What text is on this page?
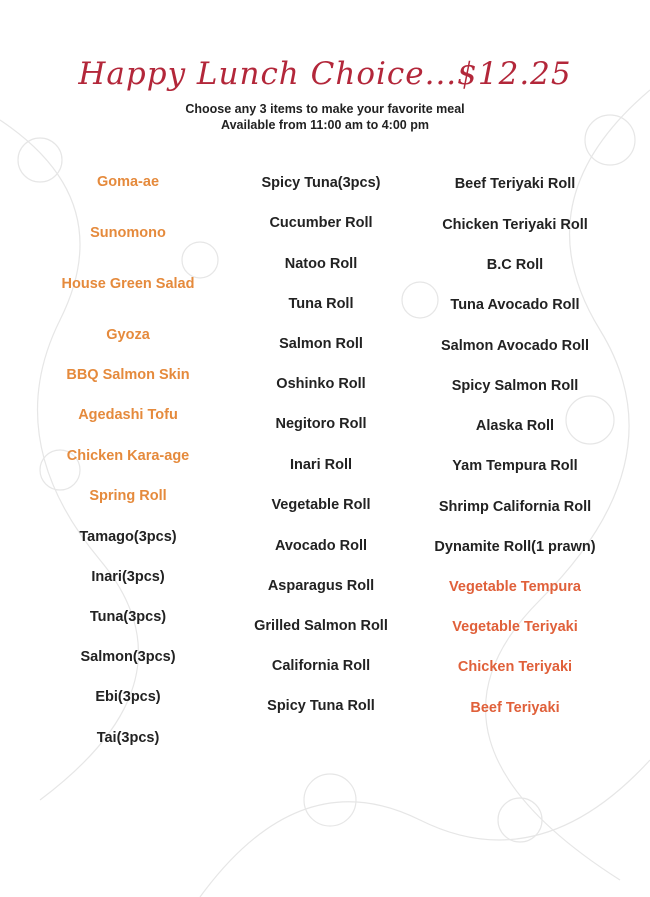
Happy Lunch Choice...$12.25
Choose any 3 items to make your favorite meal
Available from 11:00 am to 4:00 pm
Goma-ae
Sunomono
House Green Salad
Gyoza
BBQ Salmon Skin
Agedashi Tofu
Chicken Kara-age
Spring Roll
Tamago(3pcs)
Inari(3pcs)
Tuna(3pcs)
Salmon(3pcs)
Ebi(3pcs)
Tai(3pcs)
Spicy Tuna(3pcs)
Cucumber Roll
Natoo Roll
Tuna Roll
Salmon Roll
Oshinko Roll
Negitoro Roll
Inari Roll
Vegetable Roll
Avocado Roll
Asparagus Roll
Grilled Salmon Roll
California Roll
Spicy Tuna Roll
Beef Teriyaki Roll
Chicken Teriyaki Roll
B.C Roll
Tuna Avocado Roll
Salmon Avocado Roll
Spicy Salmon Roll
Alaska Roll
Yam Tempura Roll
Shrimp California Roll
Dynamite Roll(1 prawn)
Vegetable Tempura
Vegetable Teriyaki
Chicken Teriyaki
Beef Teriyaki
